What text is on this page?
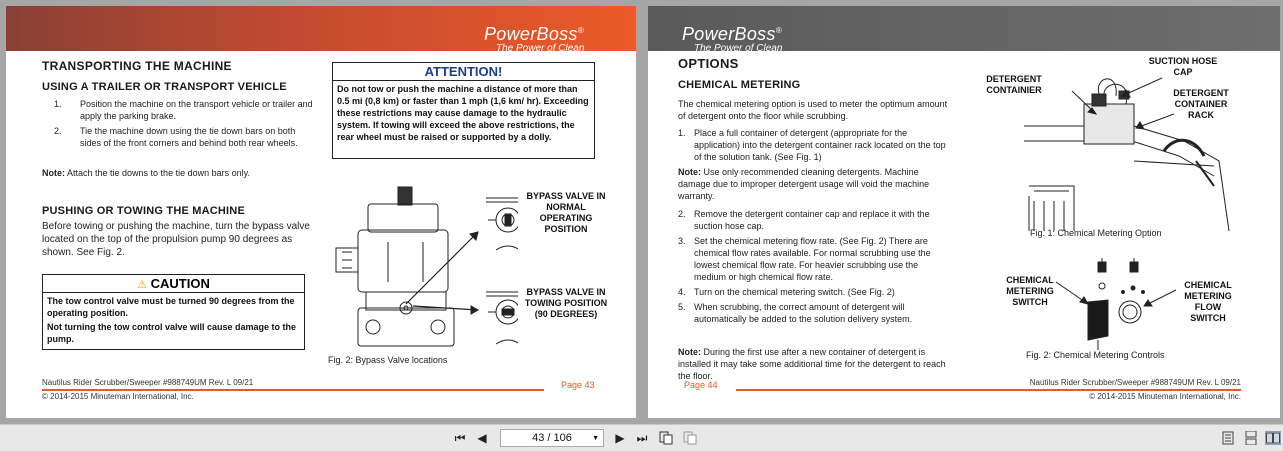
PowerBoss®
The Power of Clean
TRANSPORTING THE MACHINE
USING A TRAILER OR TRANSPORT VEHICLE
1.	Position the machine on the transport vehicle or trailer and apply the parking brake.
2.	Tie the machine down using the tie down bars on both sides of the front corners and behind both rear wheels.
Note: Attach the tie downs to the tie down bars only.
ATTENTION!
Do not tow or push the machine a distance of more than 0.5 mi (0,8 km) or faster than 1 mph (1,6 km/ hr). Exceeding these restrictions may cause damage to the hydraulic system. If towing will exceed the above restrictions, the rear wheel must be raised or supported by a dolly.
PUSHING OR TOWING THE MACHINE
Before towing or pushing the machine, turn the bypass valve located on the top of the propulsion pump 90 degrees as shown. See Fig. 2.
⚠ CAUTION
The tow control valve must be turned 90 degrees from the operating position.
Not turning the tow control valve will cause damage to the pump.
BYPASS VALVE IN NORMAL OPERATING POSITION
BYPASS VALVE IN TOWING POSITION (90 DEGREES)
Fig. 2: Bypass Valve locations
Nautilus Rider Scrubber/Sweeper #988749UM Rev. L 09/21
© 2014-2015 Minuteman International, Inc.
Page 43
PowerBoss®
The Power of Clean
OPTIONS
CHEMICAL METERING
The chemical metering option is used to meter the optimum amount of detergent onto the floor while scrubbing.
1. Place a full container of detergent (appropriate for the application) into the detergent container rack located on the top of the solution tank. (See Fig. 1)
Note: Use only recommended cleaning detergents. Machine damage due to improper detergent usage will void the machine warranty.
2. Remove the detergent container cap and replace it with the suction hose cap.
3. Set the chemical metering flow rate. (See Fig. 2) There are chemical flow rates available. For normal scrubbing use the lowest chemical flow rate. For heavier scrubbing use the medium or high chemical flow rate.
4. Turn on the chemical metering switch. (See Fig. 2)
5. When scrubbing, the correct amount of detergent will automatically be added to the solution delivery system.
Note: During the first use after a new container of detergent is installed it may take some additional time for the detergent to reach the floor.
DETERGENT CONTAINIER
SUCTION HOSE CAP
DETERGENT CONTAINER RACK
Fig. 1: Chemical Metering Option
CHEMICAL METERING SWITCH
CHEMICAL METERING FLOW SWITCH
Fig. 2: Chemical Metering Controls
Page 44	Nautilus Rider Scrubber/Sweeper #988749UM Rev. L 09/21
© 2014-2015 Minuteman International, Inc.
⏮ ◀	43 / 106	▼ ▶ ⏭
